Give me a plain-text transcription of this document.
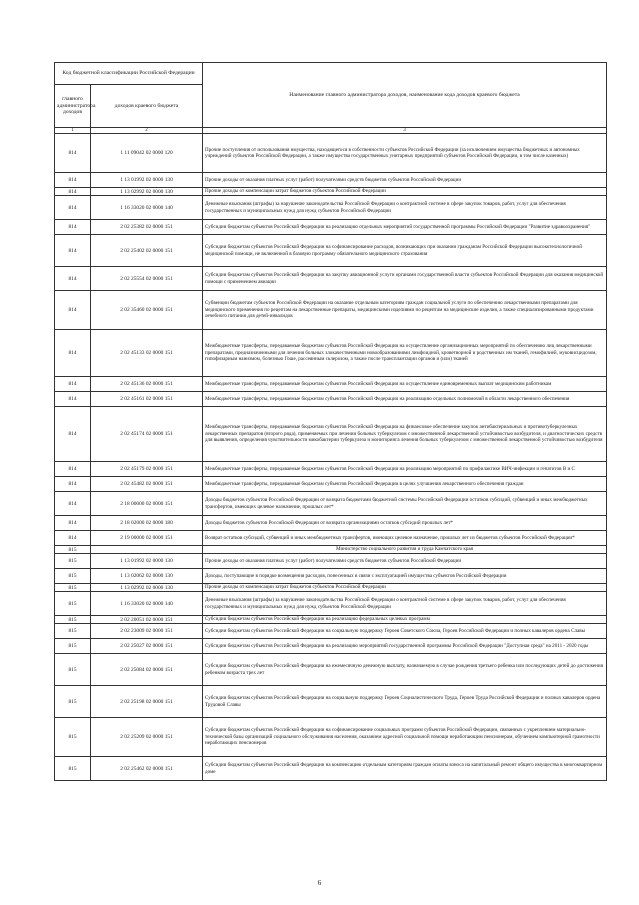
Код бюджетной классификации Российской Федерации		Наименование главного администратора доходов, наименование кода доходов краевого бюджета
главного администратора доходов	доходов краевого бюджета	
1	2	3
814	1 11 09042 02 0000 120	Прочие поступления от использования имущества, находящегося в собственности субъектов Российской Федерации (за исключением имущества бюджетных и автономных учреждений субъектов Российской Федерации, а также имущества государственных унитарных предприятий субъектов Российской Федерации, в том числе казенных)
814	1 13 01992 02 0000 130	Прочие доходы от оказания платных услуг (работ) получателями средств бюджетов субъектов Российской Федерации
814	1 13 02992 02 0000 130	Прочие доходы от компенсации затрат бюджетов субъектов Российской Федерации
814	1 16 33020 02 0000 140	Денежные взыскания (штрафы) за нарушение законодательства Российской Федерации о контрактной системе в сфере закупок товаров, работ, услуг для обеспечения государственных и муниципальных нужд для нужд субъектов Российской Федерации
814	2 02 25382 02 0000 151	Субсидии бюджетам субъектов Российской Федерации на реализацию отдельных мероприятий государственной программы Российской Федерации "Развитие здравоохранения"
814	2 02 25402 02 0000 151	Субсидии бюджетам субъектов Российской Федерации на софинансирование расходов, возникающих при оказании гражданам Российской Федерации высокотехнологичной медицинской помощи, не включенной в базовую программу обязательного медицинского страхования
814	2 02 25554 02 0000 151	Субсидии бюджетам субъектов Российской Федерации на закупку авиационной услуги органами государственной власти субъектов Российской Федерации для оказания медицинской помощи с применением авиации
814	2 02 35460 02 0000 151	Субвенции бюджетам субъектов Российской Федерации на оказание отдельным категориям граждан социальной услуги по обеспечению лекарственными препаратами для медицинского применения по рецептам на лекарственные препараты, медицинскими изделиями по рецептам на медицинские изделия, а также специализированными продуктами лечебного питания для детей-инвалидов
814	2 02 45133 02 0000 151	Межбюджетные трансферты, передаваемые бюджетам субъектов Российской Федерации на осуществление организационных мероприятий по обеспечению лиц лекарственными препаратами, предназначенными для лечения больных злокачественными новообразованиями лимфоидной, кроветворной и родственных им тканей, гемофилией, муковисцидозом, гипофизарным нанизмом, болезнью Гоше, рассеянным склерозом, а также после трансплантации органов и (или) тканей
814	2 02 45136 02 0000 151	Межбюджетные трансферты, передаваемые бюджетам субъектов Российской Федерации на осуществление единовременных выплат медицинским работникам
814	2 02 45161 02 0000 151	Межбюджетные трансферты, передаваемые бюджетам субъектов Российской Федерации на реализацию отдельных полномочий в области лекарственного обеспечения
814	2 02 45174 02 0000 151	Межбюджетные трансферты, передаваемые бюджетам субъектов Российской Федерации на финансовое обеспечение закупок антибактериальных и противотуберкулезных лекарственных препаратов (второго ряда), применяемых при лечении больных туберкулезом с множественной лекарственной устойчивостью возбудителя, и диагностических средств для выявления, определения чувствительности микобактерии туберкулеза и мониторинга лечения больных туберкулезом с множественной лекарственной устойчивостью возбудителя
814	2 02 45179 02 0000 151	Межбюджетные трансферты, передаваемые бюджетам субъектов Российской Федерации на реализацию мероприятий по профилактике ВИЧ-инфекции и гепатитов B и C
814	2 02 45482 02 0000 151	Межбюджетные трансферты, передаваемые бюджетам субъектов Российской Федерации в целях улучшения лекарственного обеспечения граждан
814	2 18 00000 02 0000 151	Доходы бюджетов субъектов Российской Федерации от возврата бюджетами бюджетной системы Российской Федерации остатков субсидий, субвенций и иных межбюджетных трансфертов, имеющих целевое назначение, прошлых лет*
814	2 18 02000 02 0000 180	Доходы бюджетов субъектов Российской Федерации от возврата организациями остатков субсидий прошлых лет*
814	2 19 00000 02 0000 151	Возврат остатков субсидий, субвенций и иных межбюджетных трансфертов, имеющих целевое назначение, прошлых лет из бюджетов субъектов Российской Федерации*
815		Министерство социального развития и труда Камчатского края
815	1 13 01992 02 0000 130	Прочие доходы от оказания платных услуг (работ) получателями средств бюджетов субъектов Российской Федерации
815	1 13 02062 02 0000 130	Доходы, поступающие в порядке возмещения расходов, понесенных в связи с эксплуатацией имущества субъектов Российской Федерации
815	1 13 02992 02 0000 130	Прочие доходы от компенсации затрат бюджетов субъектов Российской Федерации
815	1 16 33020 02 0000 140	Денежные взыскания (штрафы) за нарушение законодательства Российской Федерации о контрактной системе в сфере закупок товаров, работ, услуг для обеспечения государственных и муниципальных нужд для нужд субъектов Российской Федерации
815	2 02 20051 02 0000 151	Субсидии бюджетам субъектов Российской Федерации на реализацию федеральных целевых программ
815	2 02 23009 02 0000 151	Субсидии бюджетам субъектов Российской Федерации на социальную поддержку Героев Советского Союза, Героев Российской Федерации и полных кавалеров ордена Славы
815	2 02 25027 02 0000 151	Субсидии бюджетам субъектов Российской Федерации на реализацию мероприятий государственной программы Российской Федерации "Доступная среда" на 2011 - 2020 годы
815	2 02 25084 02 0000 151	Субсидии бюджетам субъектов Российской Федерации на ежемесячную денежную выплату, назначаемую в случае рождения третьего ребенка или последующих детей до достижения ребенком возраста трех лет
815	2 02 25198 02 0000 151	Субсидии бюджетам субъектов Российской Федерации на социальную поддержку Героев Социалистического Труда, Героев Труда Российской Федерации и полных кавалеров ордена Трудовой Славы
815	2 02 25209 02 0000 151	Субсидии бюджетам субъектов Российской Федерации на софинансирование социальных программ субъектов Российской Федерации, связанных с укреплением материально-технической базы организаций социального обслуживания населения, оказанием адресной социальной помощи неработающим пенсионерам, обучением компьютерной грамотности неработающих пенсионеров
815	2 02 25462 02 0000 151	Субсидии бюджетам субъектов Российской Федерации на компенсацию отдельным категориям граждан оплаты взноса на капитальный ремонт общего имущества в многоквартирном доме
6
